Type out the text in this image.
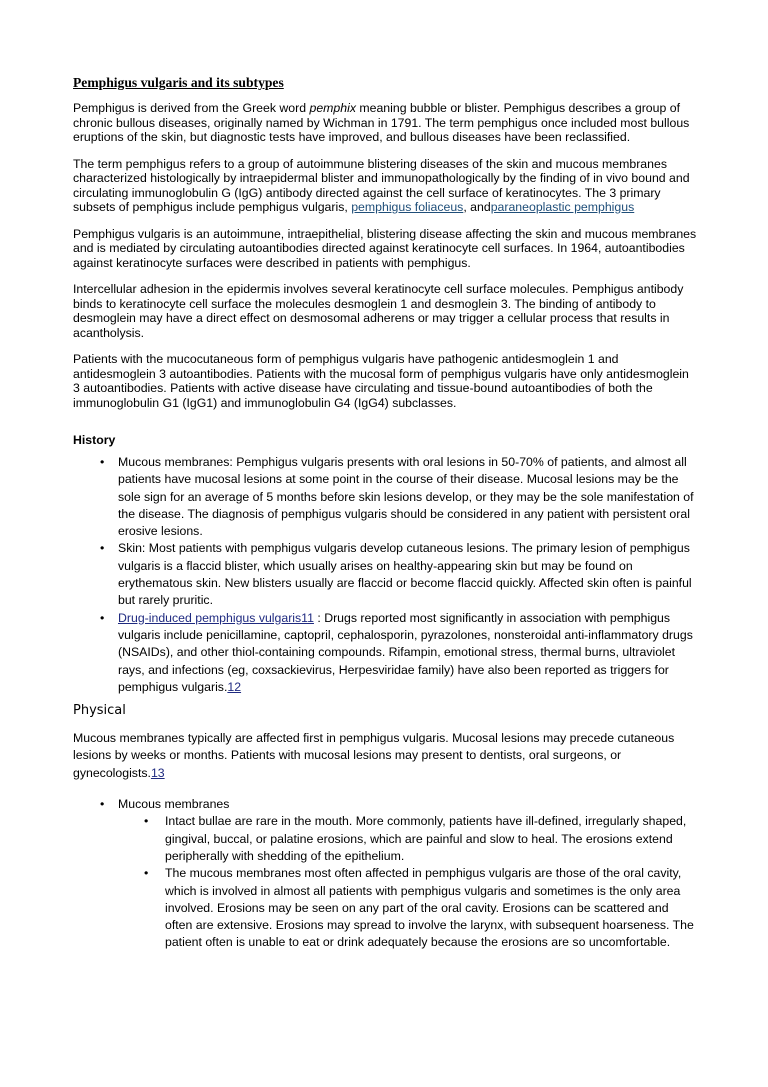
Pemphigus vulgaris and its subtypes

Pemphigus is derived from the Greek word pemphix meaning bubble or blister. Pemphigus describes a group of chronic bullous diseases, originally named by Wichman in 1791. The term pemphigus once included most bullous eruptions of the skin, but diagnostic tests have improved, and bullous diseases have been reclassified.

The term pemphigus refers to a group of autoimmune blistering diseases of the skin and mucous membranes characterized histologically by intraepidermal blister and immunopathologically by the finding of in vivo bound and circulating immunoglobulin G (IgG) antibody directed against the cell surface of keratinocytes. The 3 primary subsets of pemphigus include pemphigus vulgaris, pemphigus foliaceus, andparaneoplastic pemphigus

Pemphigus vulgaris is an autoimmune, intraepithelial, blistering disease affecting the skin and mucous membranes and is mediated by circulating autoantibodies directed against keratinocyte cell surfaces. In 1964, autoantibodies against keratinocyte surfaces were described in patients with pemphigus.

Intercellular adhesion in the epidermis involves several keratinocyte cell surface molecules. Pemphigus antibody binds to keratinocyte cell surface the molecules desmoglein 1 and desmoglein 3. The binding of antibody to desmoglein may have a direct effect on desmosomal adherens or may trigger a cellular process that results in acantholysis.

Patients with the mucocutaneous form of pemphigus vulgaris have pathogenic antidesmoglein 1 and antidesmoglein 3 autoantibodies. Patients with the mucosal form of pemphigus vulgaris have only antidesmoglein 3 autoantibodies. Patients with active disease have circulating and tissue-bound autoantibodies of both the immunoglobulin G1 (IgG1) and immunoglobulin G4 (IgG4) subclasses.

History
• Mucous membranes: Pemphigus vulgaris presents with oral lesions in 50-70% of patients, and almost all patients have mucosal lesions at some point in the course of their disease. Mucosal lesions may be the sole sign for an average of 5 months before skin lesions develop, or they may be the sole manifestation of the disease. The diagnosis of pemphigus vulgaris should be considered in any patient with persistent oral erosive lesions.
• Skin: Most patients with pemphigus vulgaris develop cutaneous lesions. The primary lesion of pemphigus vulgaris is a flaccid blister, which usually arises on healthy-appearing skin but may be found on erythematous skin. New blisters usually are flaccid or become flaccid quickly. Affected skin often is painful but rarely pruritic.
• Drug-induced pemphigus vulgaris11 : Drugs reported most significantly in association with pemphigus vulgaris include penicillamine, captopril, cephalosporin, pyrazolones, nonsteroidal anti-inflammatory drugs (NSAIDs), and other thiol-containing compounds. Rifampin, emotional stress, thermal burns, ultraviolet rays, and infections (eg, coxsackievirus, Herpesviridae family) have also been reported as triggers for pemphigus vulgaris.12
Physical

Mucous membranes typically are affected first in pemphigus vulgaris. Mucosal lesions may precede cutaneous lesions by weeks or months. Patients with mucosal lesions may present to dentists, oral surgeons, or gynecologists.13

• Mucous membranes
• Intact bullae are rare in the mouth. More commonly, patients have ill-defined, irregularly shaped, gingival, buccal, or palatine erosions, which are painful and slow to heal. The erosions extend peripherally with shedding of the epithelium.
• The mucous membranes most often affected in pemphigus vulgaris are those of the oral cavity, which is involved in almost all patients with pemphigus vulgaris and sometimes is the only area involved. Erosions may be seen on any part of the oral cavity. Erosions can be scattered and often are extensive. Erosions may spread to involve the larynx, with subsequent hoarseness. The patient often is unable to eat or drink adequately because the erosions are so uncomfortable.
